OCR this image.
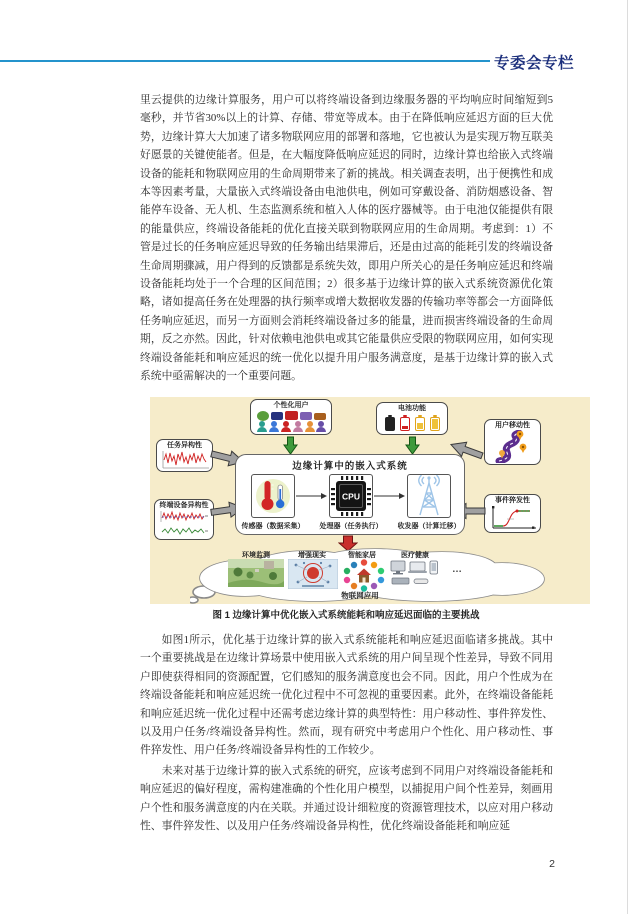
专委会专栏
里云提供的边缘计算服务，用户可以将终端设备到边缘服务器的平均响应时间缩短到5毫秒，并节省30%以上的计算、存储、带宽等成本。由于在降低响应延迟方面的巨大优势，边缘计算大大加速了诸多物联网应用的部署和落地，它也被认为是实现万物互联美好愿景的关键使能者。但是，在大幅度降低响应延迟的同时，边缘计算也给嵌入式终端设备的能耗和物联网应用的生命周期带来了新的挑战。相关调查表明，出于便携性和成本等因素考量，大量嵌入式终端设备由电池供电，例如可穿戴设备、消防烟感设备、智能停车设备、无人机、生态监测系统和植入人体的医疗器械等。由于电池仅能提供有限的能量供应，终端设备能耗的优化直接关联到物联网应用的生命周期。考虑到：1）不管是过长的任务响应延迟导致的任务输出结果滞后，还是由过高的能耗引发的终端设备生命周期骤减，用户得到的反馈都是系统失效，即用户所关心的是任务响应延迟和终端设备能耗均处于一个合理的区间范围；2）很多基于边缘计算的嵌入式系统资源优化策略，诸如提高任务在处理器的执行频率或增大数据收发器的传输功率等都会一方面降低任务响应延迟，而另一方面则会消耗终端设备过多的能量，进而损害终端设备的生命周期，反之亦然。因此，针对依赖电池供电或其它能量供应受限的物联网应用，如何实现终端设备能耗和响应延迟的统一优化以提升用户服务满意度，是基于边缘计算的嵌入式系统中亟需解决的一个重要问题。
个性化用户	电池功能
用户移动性
任务异构性
终端设备异构性
事件猝发性
边缘计算中的嵌入式系统
CPU
传感器（数据采集）	处理器（任务执行）	收发器（计算迁移）
环境监测	增强现实	智能家居	医疗健康
…
物联网应用
图 1 边缘计算中优化嵌入式系统能耗和响应延迟面临的主要挑战
如图1所示，优化基于边缘计算的嵌入式系统能耗和响应延迟面临诸多挑战。其中一个重要挑战是在边缘计算场景中使用嵌入式系统的用户间呈现个性差异，导致不同用户即使获得相同的资源配置，它们感知的服务满意度也会不同。因此，用户个性成为在终端设备能耗和响应延迟统一优化过程中不可忽视的重要因素。此外，在终端设备能耗和响应延迟统一优化过程中还需考虑边缘计算的典型特性：用户移动性、事件猝发性、以及用户任务/终端设备异构性。然而，现有研究中考虑用户个性化、用户移动性、事件猝发性、用户任务/终端设备异构性的工作较少。
未来对基于边缘计算的嵌入式系统的研究，应该考虑到不同用户对终端设备能耗和响应延迟的偏好程度，需构建准确的个性化用户模型，以捕捉用户间个性差异，刻画用户个性和服务满意度的内在关联。并通过设计细粒度的资源管理技术，以应对用户移动性、事件猝发性、以及用户任务/终端设备异构性，优化终端设备能耗和响应延
2
